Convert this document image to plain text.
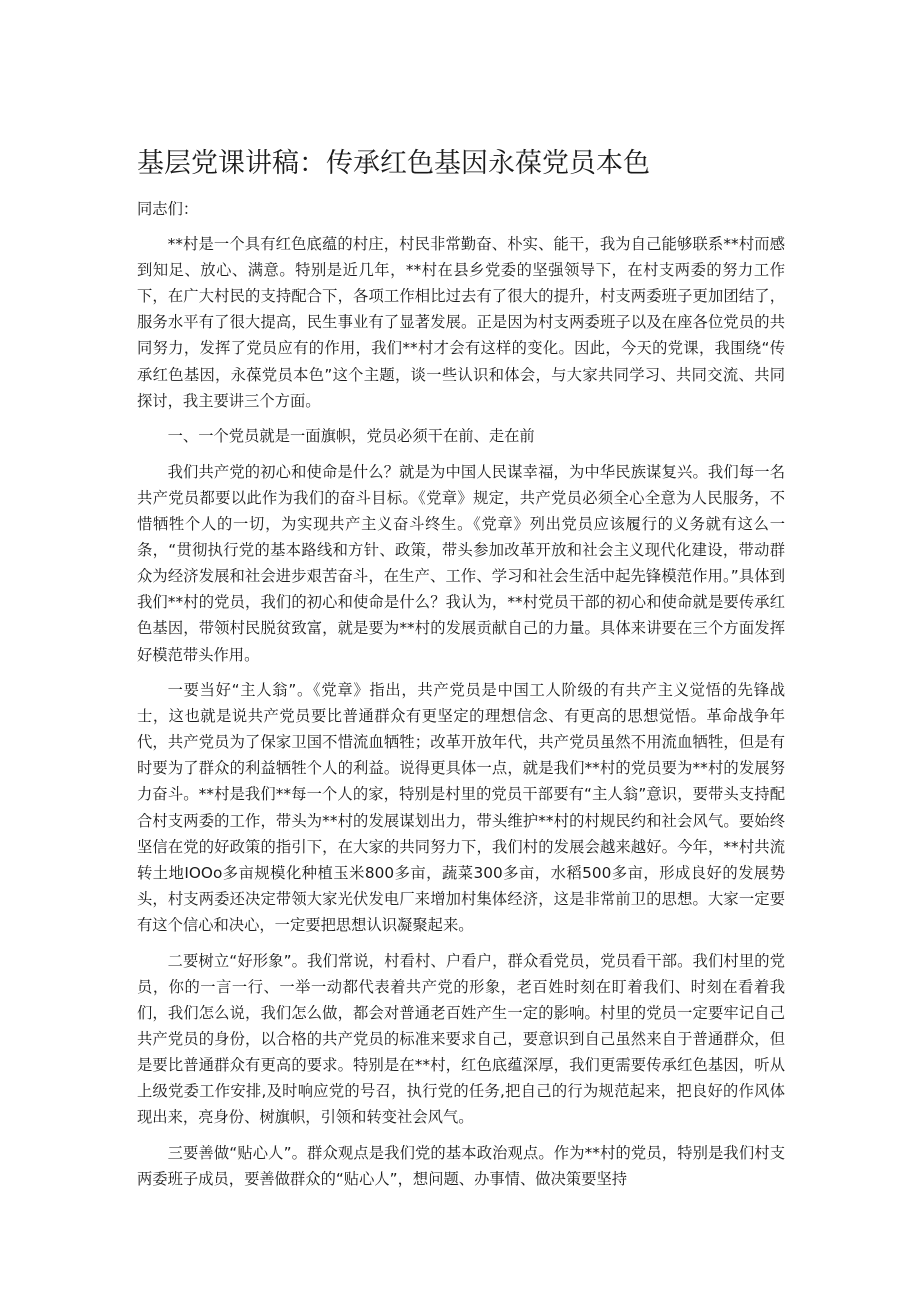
基层党课讲稿：传承红色基因永葆党员本色

同志们：

**村是一个具有红色底蕴的村庄，村民非常勤奋、朴实、能干，我为自己能够联系**村而感到知足、放心、满意。特别是近几年，**村在县乡党委的坚强领导下，在村支两委的努力工作下，在广大村民的支持配合下，各项工作相比过去有了很大的提升，村支两委班子更加团结了，服务水平有了很大提高，民生事业有了显著发展。正是因为村支两委班子以及在座各位党员的共同努力，发挥了党员应有的作用，我们**村才会有这样的变化。因此，今天的党课，我围绕“传承红色基因，永葆党员本色”这个主题，谈一些认识和体会，与大家共同学习、共同交流、共同探讨，我主要讲三个方面。

一、一个党员就是一面旗帜，党员必须干在前、走在前

我们共产党的初心和使命是什么？就是为中国人民谋幸福，为中华民族谋复兴。我们每一名共产党员都要以此作为我们的奋斗目标。《党章》规定，共产党员必须全心全意为人民服务，不惜牺牲个人的一切，为实现共产主义奋斗终生。《党章》列出党员应该履行的义务就有这么一条，“贯彻执行党的基本路线和方针、政策，带头参加改革开放和社会主义现代化建设，带动群众为经济发展和社会进步艰苦奋斗，在生产、工作、学习和社会生活中起先锋模范作用。”具体到我们**村的党员，我们的初心和使命是什么？我认为，**村党员干部的初心和使命就是要传承红色基因，带领村民脱贫致富，就是要为**村的发展贡献自己的力量。具体来讲要在三个方面发挥好模范带头作用。

一要当好“主人翁”。《党章》指出，共产党员是中国工人阶级的有共产主义觉悟的先锋战士，这也就是说共产党员要比普通群众有更坚定的理想信念、有更高的思想觉悟。革命战争年代，共产党员为了保家卫国不惜流血牺牲；改革开放年代，共产党员虽然不用流血牺牲，但是有时要为了群众的利益牺牲个人的利益。说得更具体一点，就是我们**村的党员要为**村的发展努力奋斗。**村是我们**每一个人的家，特别是村里的党员干部要有“主人翁”意识，要带头支持配合村支两委的工作，带头为**村的发展谋划出力，带头维护**村的村规民约和社会风气。要始终坚信在党的好政策的指引下，在大家的共同努力下，我们村的发展会越来越好。今年，**村共流转土地IOOo多亩规模化种植玉米800多亩，蔬菜300多亩，水稻500多亩，形成良好的发展势头，村支两委还决定带领大家光伏发电厂来增加村集体经济，这是非常前卫的思想。大家一定要有这个信心和决心，一定要把思想认识凝聚起来。

二要树立“好形象”。我们常说，村看村、户看户，群众看党员，党员看干部。我们村里的党员，你的一言一行、一举一动都代表着共产党的形象，老百姓时刻在盯着我们、时刻在看着我们，我们怎么说，我们怎么做，都会对普通老百姓产生一定的影响。村里的党员一定要牢记自己共产党员的身份，以合格的共产党员的标准来要求自己，要意识到自己虽然来自于普通群众，但是要比普通群众有更高的要求。特别是在**村，红色底蕴深厚，我们更需要传承红色基因，听从上级党委工作安排,及时响应党的号召，执行党的任务,把自己的行为规范起来，把良好的作风体现出来，亮身份、树旗帜，引领和转变社会风气。

三要善做“贴心人”。群众观点是我们党的基本政治观点。作为**村的党员，特别是我们村支两委班子成员，要善做群众的“贴心人”，想问题、办事情、做决策要坚持
